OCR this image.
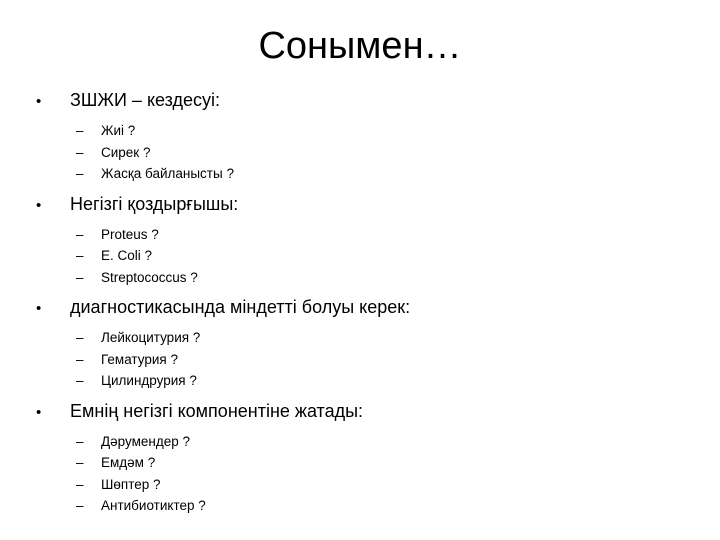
Сонымен…
•	ЗШЖИ – кездесуі:
–	Жиі ?
–	Сирек ?
–	Жасқа байланысты ?
•	Негізгі қоздырғышы:
–	Proteus ?
–	E. Coli ?
–	Streptococcus ?
•	диагностикасында міндетті болуы керек:
–	Лейкоцитурия ?
–	Гематурия ?
–	Цилиндрурия ?
•	Емнің негізгі компонентіне жатады:
–	Дәрумендер ?
–	Емдәм ?
–	Шөптер ?
–	Антибиотиктер ?
